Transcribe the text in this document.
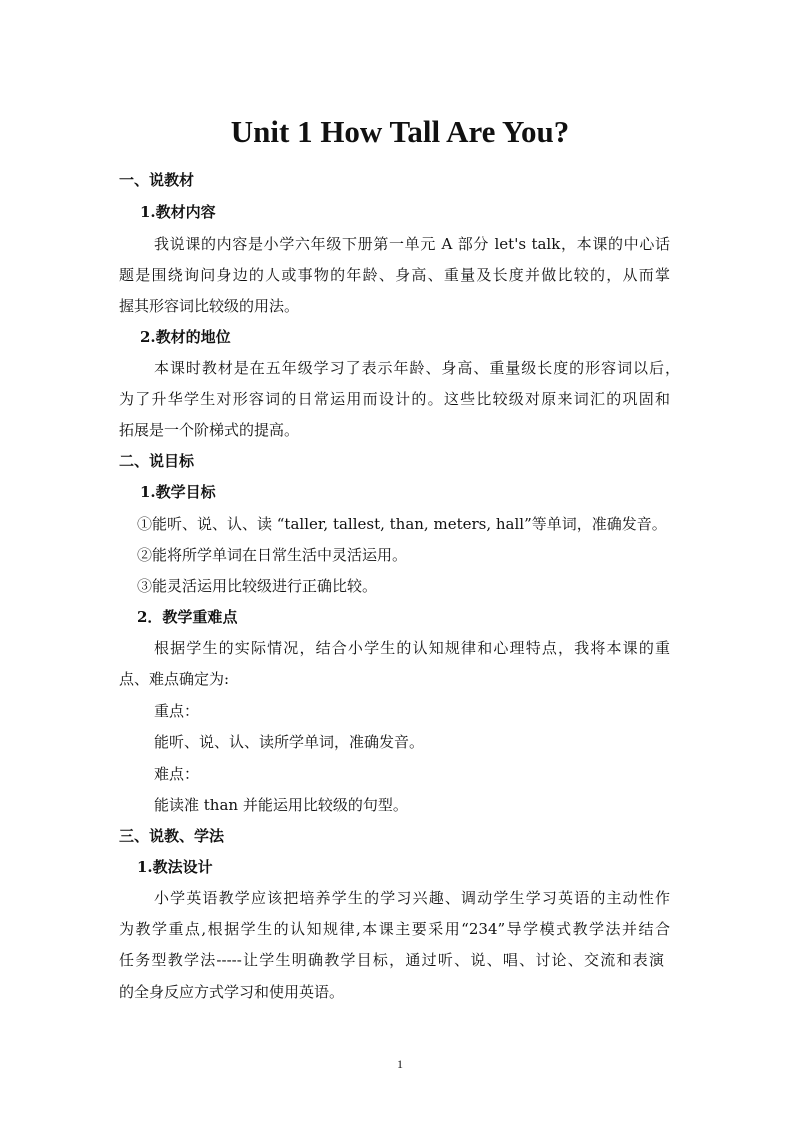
Unit 1 How Tall Are You?

一、说教材

1.教材内容

我说课的内容是小学六年级下册第一单元 A 部分 let's talk，本课的中心话

题是围绕询问身边的人或事物的年龄、身高、重量及长度并做比较的，从而掌

握其形容词比较级的用法。

2.教材的地位

本课时教材是在五年级学习了表示年龄、身高、重量级长度的形容词以后，

为了升华学生对形容词的日常运用而设计的。这些比较级对原来词汇的巩固和

拓展是一个阶梯式的提高。

二、说目标

1.教学目标

①能听、说、认、读 “taller, tallest, than, meters, hall”等单词，准确发音。

②能将所学单词在日常生活中灵活运用。

③能灵活运用比较级进行正确比较。

2．教学重难点

根据学生的实际情况，结合小学生的认知规律和心理特点，我将本课的重

点、难点确定为:

重点：

能听、说、认、读所学单词，准确发音。

难点：

能读准 than 并能运用比较级的句型。

三、说教、学法

1.教法设计

小学英语教学应该把培养学生的学习兴趣、调动学生学习英语的主动性作

为教学重点,根据学生的认知规律,本课主要采用“234”导学模式教学法并结合

任务型教学法-----让学生明确教学目标，通过听、说、唱、讨论、交流和表演

的全身反应方式学习和使用英语。

1
